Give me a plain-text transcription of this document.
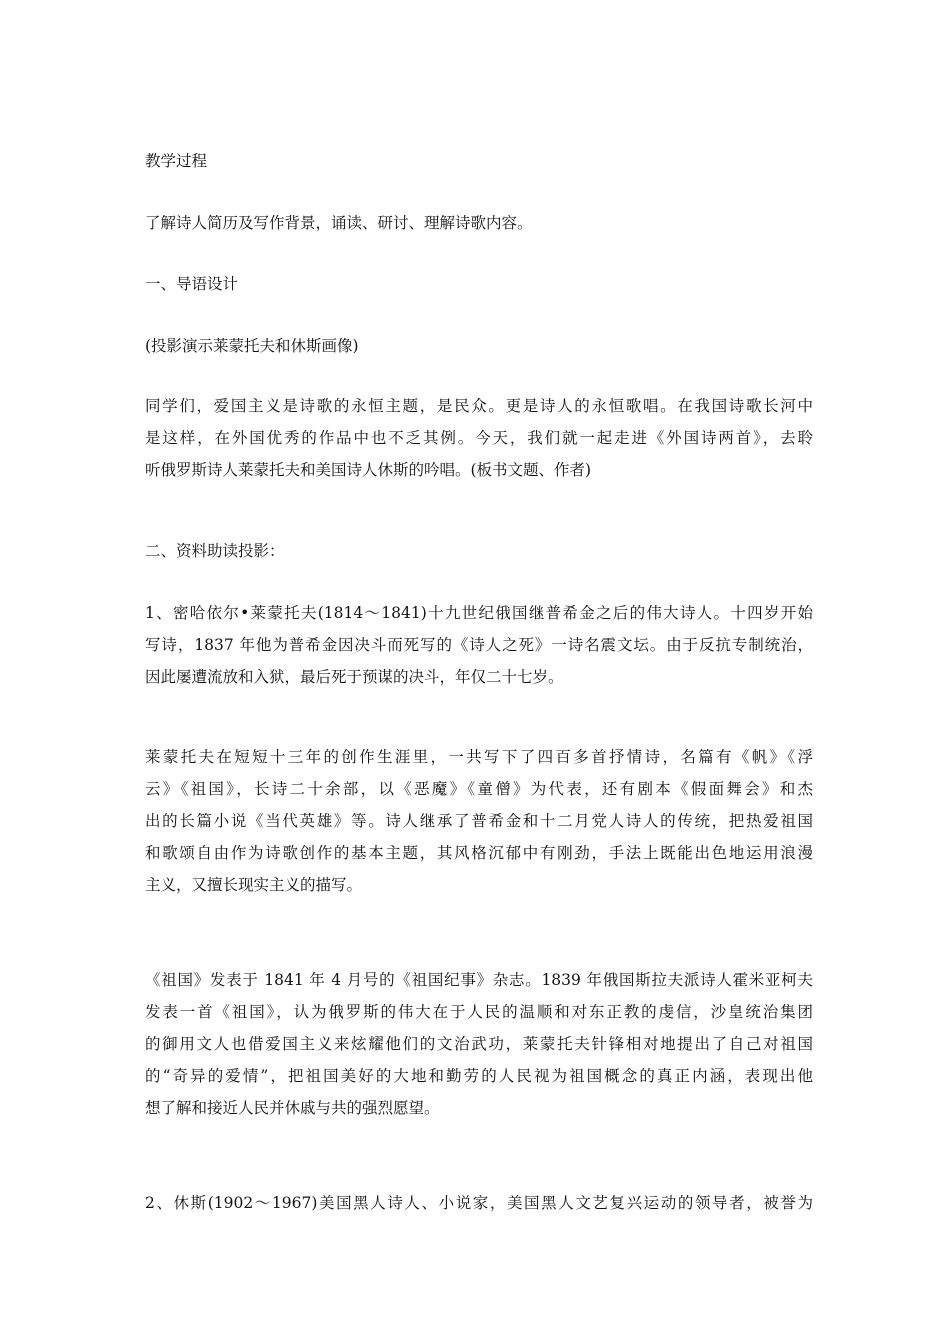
教学过程

了解诗人简历及写作背景，诵读、研讨、理解诗歌内容。

一、导语设计

(投影演示莱蒙托夫和休斯画像)

同学们，爱国主义是诗歌的永恒主题，是民众。更是诗人的永恒歌唱。在我国诗歌长河中
是这样，在外国优秀的作品中也不乏其例。今天，我们就一起走进《外国诗两首》，去聆
听俄罗斯诗人莱蒙托夫和美国诗人休斯的吟唱。(板书文题、作者)

二、资料助读投影：

1、密哈依尔•莱蒙托夫(1814～1841)十九世纪俄国继普希金之后的伟大诗人。十四岁开始
写诗，1837 年他为普希金因决斗而死写的《诗人之死》一诗名震文坛。由于反抗专制统治，
因此屡遭流放和入狱，最后死于预谋的决斗，年仅二十七岁。

莱蒙托夫在短短十三年的创作生涯里，一共写下了四百多首抒情诗，名篇有《帆》《浮
云》《祖国》，长诗二十余部，以《恶魔》《童僧》为代表，还有剧本《假面舞会》和杰
出的长篇小说《当代英雄》等。诗人继承了普希金和十二月党人诗人的传统，把热爱祖国
和歌颂自由作为诗歌创作的基本主题，其风格沉郁中有刚劲，手法上既能出色地运用浪漫
主义，又擅长现实主义的描写。

《祖国》发表于 1841 年 4 月号的《祖国纪事》杂志。1839 年俄国斯拉夫派诗人霍米亚柯夫
发表一首《祖国》，认为俄罗斯的伟大在于人民的温顺和对东正教的虔信，沙皇统治集团
的御用文人也借爱国主义来炫耀他们的文治武功，莱蒙托夫针锋相对地提出了自己对祖国
的“奇异的爱情”，把祖国美好的大地和勤劳的人民视为祖国概念的真正内涵，表现出他
想了解和接近人民并休戚与共的强烈愿望。

2、休斯(1902～1967)美国黑人诗人、小说家，美国黑人文艺复兴运动的领导者，被誉为
